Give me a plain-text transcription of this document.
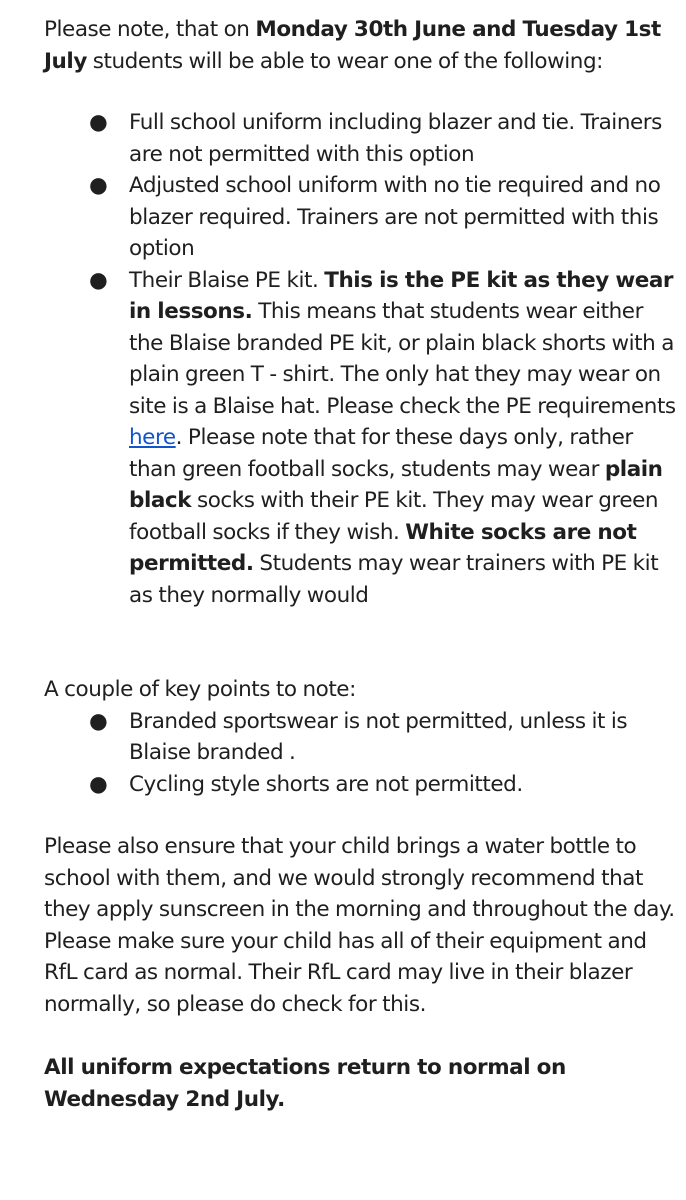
Please note, that on Monday 30th June and Tuesday 1st July students will be able to wear one of the following:

● Full school uniform including blazer and tie. Trainers are not permitted with this option
● Adjusted school uniform with no tie required and no blazer required. Trainers are not permitted with this option
● Their Blaise PE kit. This is the PE kit as they wear in lessons. This means that students wear either the Blaise branded PE kit, or plain black shorts with a plain green T - shirt. The only hat they may wear on site is a Blaise hat. Please check the PE requirements here. Please note that for these days only, rather than green football socks, students may wear plain black socks with their PE kit. They may wear green football socks if they wish. White socks are not permitted. Students may wear trainers with PE kit as they normally would

A couple of key points to note:

● Branded sportswear is not permitted, unless it is Blaise branded .
● Cycling style shorts are not permitted.

Please also ensure that your child brings a water bottle to school with them, and we would strongly recommend that they apply sunscreen in the morning and throughout the day. Please make sure your child has all of their equipment and RfL card as normal. Their RfL card may live in their blazer normally, so please do check for this.

All uniform expectations return to normal on Wednesday 2nd July.
